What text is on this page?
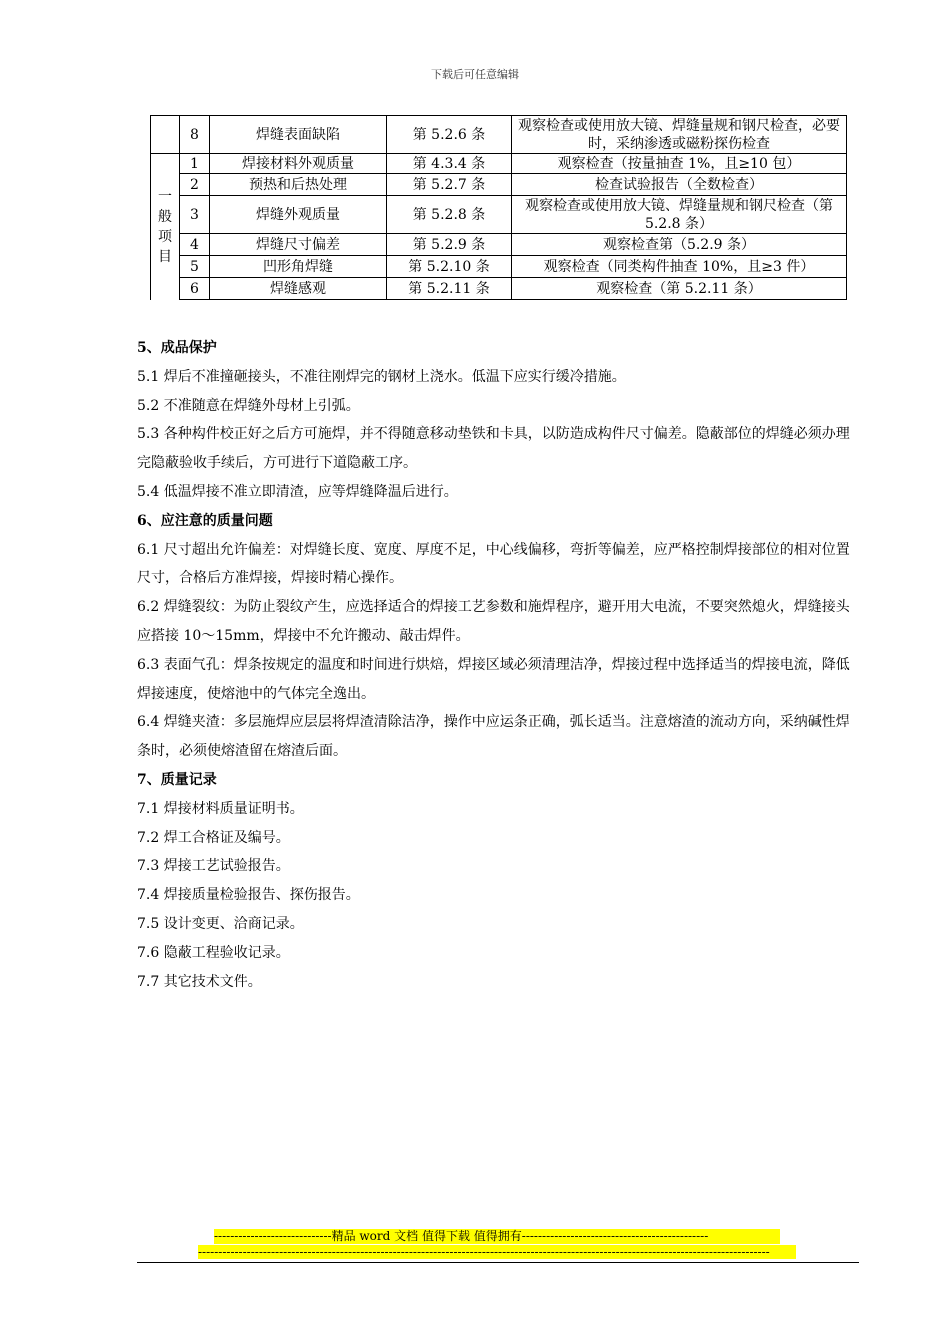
下载后可任意编辑
	8	焊缝表面缺陷	第 5.2.6 条	观察检查或使用放大镜、焊缝量规和钢尺检查，必要时，采纳渗透或磁粉探伤检查
一般项目	1	焊接材料外观质量	第 4.3.4 条	观察检查（按量抽查 1%，且≥10 包）
	2	预热和后热处理	第 5.2.7 条	检查试验报告（全数检查）
	3	焊缝外观质量	第 5.2.8 条	观察检查或使用放大镜、焊缝量规和钢尺检查（第 5.2.8 条）
	4	焊缝尺寸偏差	第 5.2.9 条	观察检查第（5.2.9 条）
	5	凹形角焊缝	第 5.2.10 条	观察检查（同类构件抽查 10%，且≥3 件）
	6	焊缝感观	第 5.2.11 条	观察检查（第 5.2.11 条）
5、成品保护

5.1 焊后不准撞砸接头，不准往刚焊完的钢材上浇水。低温下应实行缓冷措施。

5.2 不准随意在焊缝外母材上引弧。

5.3 各种构件校正好之后方可施焊，并不得随意移动垫铁和卡具，以防造成构件尺寸偏差。隐蔽部位的焊缝必须办理完隐蔽验收手续后，方可进行下道隐蔽工序。

5.4 低温焊接不准立即清渣，应等焊缝降温后进行。

6、应注意的质量问题

6.1 尺寸超出允许偏差：对焊缝长度、宽度、厚度不足，中心线偏移，弯折等偏差，应严格控制焊接部位的相对位置尺寸，合格后方准焊接，焊接时精心操作。

6.2 焊缝裂纹：为防止裂纹产生，应选择适合的焊接工艺参数和施焊程序，避开用大电流，不要突然熄火，焊缝接头应搭接 10～15mm，焊接中不允许搬动、敲击焊件。

6.3 表面气孔：焊条按规定的温度和时间进行烘焙，焊接区域必须清理洁净，焊接过程中选择适当的焊接电流，降低焊接速度，使熔池中的气体完全逸出。

6.4 焊缝夹渣：多层施焊应层层将焊渣清除洁净，操作中应运条正确，弧长适当。注意熔渣的流动方向，采纳碱性焊条时，必须使熔渣留在熔渣后面。

7、质量记录

7.1 焊接材料质量证明书。

7.2 焊工合格证及编号。

7.3 焊接工艺试验报告。

7.4 焊接质量检验报告、探伤报告。

7.5 设计变更、洽商记录。

7.6 隐蔽工程验收记录。

7.7 其它技术文件。

-----------------------------精品 word 文档 值得下载 值得拥有----------------------------------------------
---------------------------------------------------------------------------------------------------------------------------------------------
